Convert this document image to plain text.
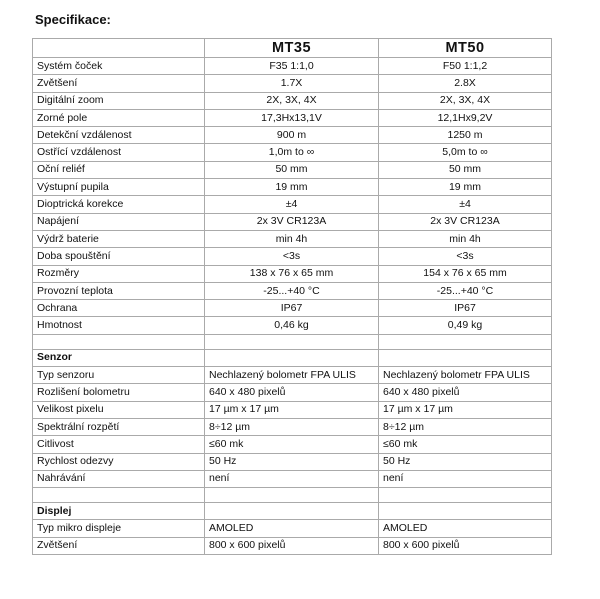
Specifikace:
	MT35	MT50
Systém čoček	F35 1:1,0	F50 1:1,2
Zvětšení	1.7X	2.8X
Digitální zoom	2X, 3X, 4X	2X, 3X, 4X
Zorné pole	17,3Hx13,1V	12,1Hx9,2V
Detekční vzdálenost	900 m	1250 m
Ostřící vzdálenost	1,0m to ∞	5,0m to ∞
Oční reliéf	50 mm	50 mm
Výstupní pupila	19 mm	19 mm
Dioptrická korekce	±4	±4
Napájení	2x 3V CR123A	2x 3V CR123A
Výdrž baterie	min 4h	min 4h
Doba spouštění	<3s	<3s
Rozměry	138 x 76 x 65 mm	154 x 76 x 65 mm
Provozní teplota	-25...+40 °C	-25...+40 °C
Ochrana	IP67	IP67
Hmotnost	0,46 kg	0,49 kg

Senzor		
Typ senzoru	Nechlazený bolometr FPA ULIS	Nechlazený bolometr FPA ULIS
Rozlišení bolometru	640 x 480 pixelů	640 x 480 pixelů
Velikost pixelu	17 µm x 17 µm	17 µm x 17 µm
Spektrální rozpětí	8÷12 µm	8÷12 µm
Citlivost	≤60 mk	≤60 mk
Rychlost odezvy	50 Hz	50 Hz
Nahrávání	není	není

Displej		
Typ mikro displeje	AMOLED	AMOLED
Zvětšení	800 x 600 pixelů	800 x 600 pixelů
